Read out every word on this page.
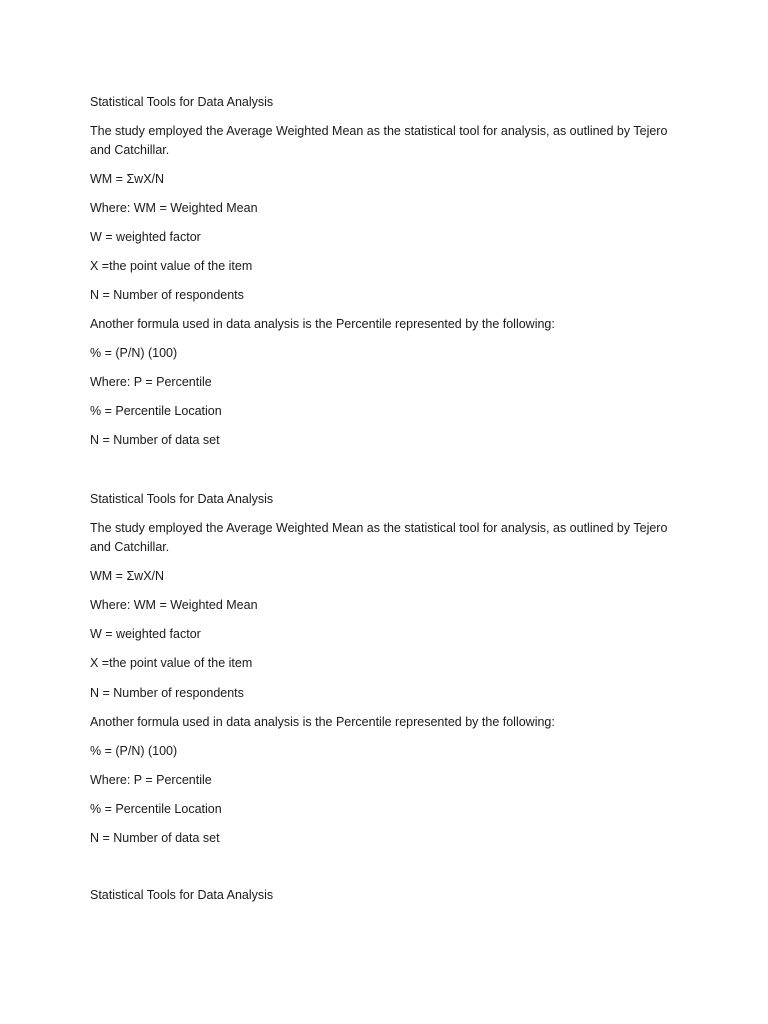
Statistical Tools for Data Analysis

The study employed the Average Weighted Mean as the statistical tool for analysis, as outlined by Tejero and Catchillar.

WM = ΣwX/N

Where: WM = Weighted Mean

W = weighted factor

X =the point value of the item

N = Number of respondents

Another formula used in data analysis is the Percentile represented by the following:

% = (P/N) (100)

Where: P = Percentile

% = Percentile Location

N = Number of data set

Statistical Tools for Data Analysis

The study employed the Average Weighted Mean as the statistical tool for analysis, as outlined by Tejero and Catchillar.

WM = ΣwX/N

Where: WM = Weighted Mean

W = weighted factor

X =the point value of the item

N = Number of respondents

Another formula used in data analysis is the Percentile represented by the following:

% = (P/N) (100)

Where: P = Percentile

% = Percentile Location

N = Number of data set

Statistical Tools for Data Analysis
